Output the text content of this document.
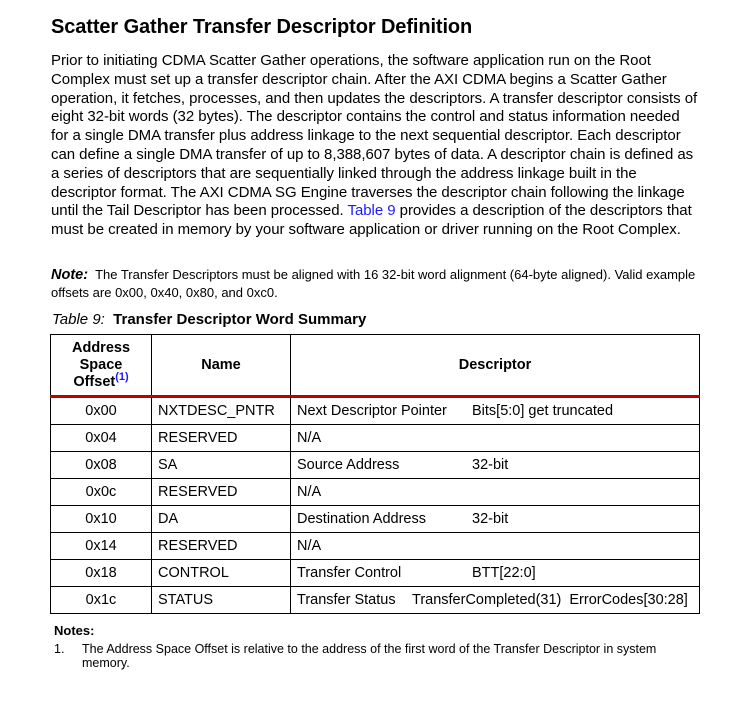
Scatter Gather Transfer Descriptor Definition
Prior to initiating CDMA Scatter Gather operations, the software application run on the Root Complex must set up a transfer descriptor chain. After the AXI CDMA begins a Scatter Gather operation, it fetches, processes, and then updates the descriptors. A transfer descriptor consists of eight 32-bit words (32 bytes). The descriptor contains the control and status information needed for a single DMA transfer plus address linkage to the next sequential descriptor. Each descriptor can define a single DMA transfer of up to 8,388,607 bytes of data. A descriptor chain is defined as a series of descriptors that are sequentially linked through the address linkage built in the descriptor format. The AXI CDMA SG Engine traverses the descriptor chain following the linkage until the Tail Descriptor has been processed. Table 9 provides a description of the descriptors that must be created in memory by your software application or driver running on the Root Complex.
Note: The Transfer Descriptors must be aligned with 16 32-bit word alignment (64-byte aligned). Valid example offsets are 0x00, 0x40, 0x80, and 0xc0.
Table 9: Transfer Descriptor Word Summary
Address Space Offset$^{(1)}$	Name	Descriptor
0x00	NXTDESC_PNTR	Next Descriptor Pointer Bits[5:0] get truncated
0x04	RESERVED	N/A
0x08	SA	Source Address 32-bit
0x0c	RESERVED	N/A
0x10	DA	Destination Address 32-bit
0x14	RESERVED	N/A
0x18	CONTROL	Transfer Control BTT[22:0]
0x1c	STATUS	Transfer Status TransferCompleted(31) ErrorCodes[30:28]
Notes:
1. The Address Space Offset is relative to the address of the first word of the Transfer Descriptor in system memory.
